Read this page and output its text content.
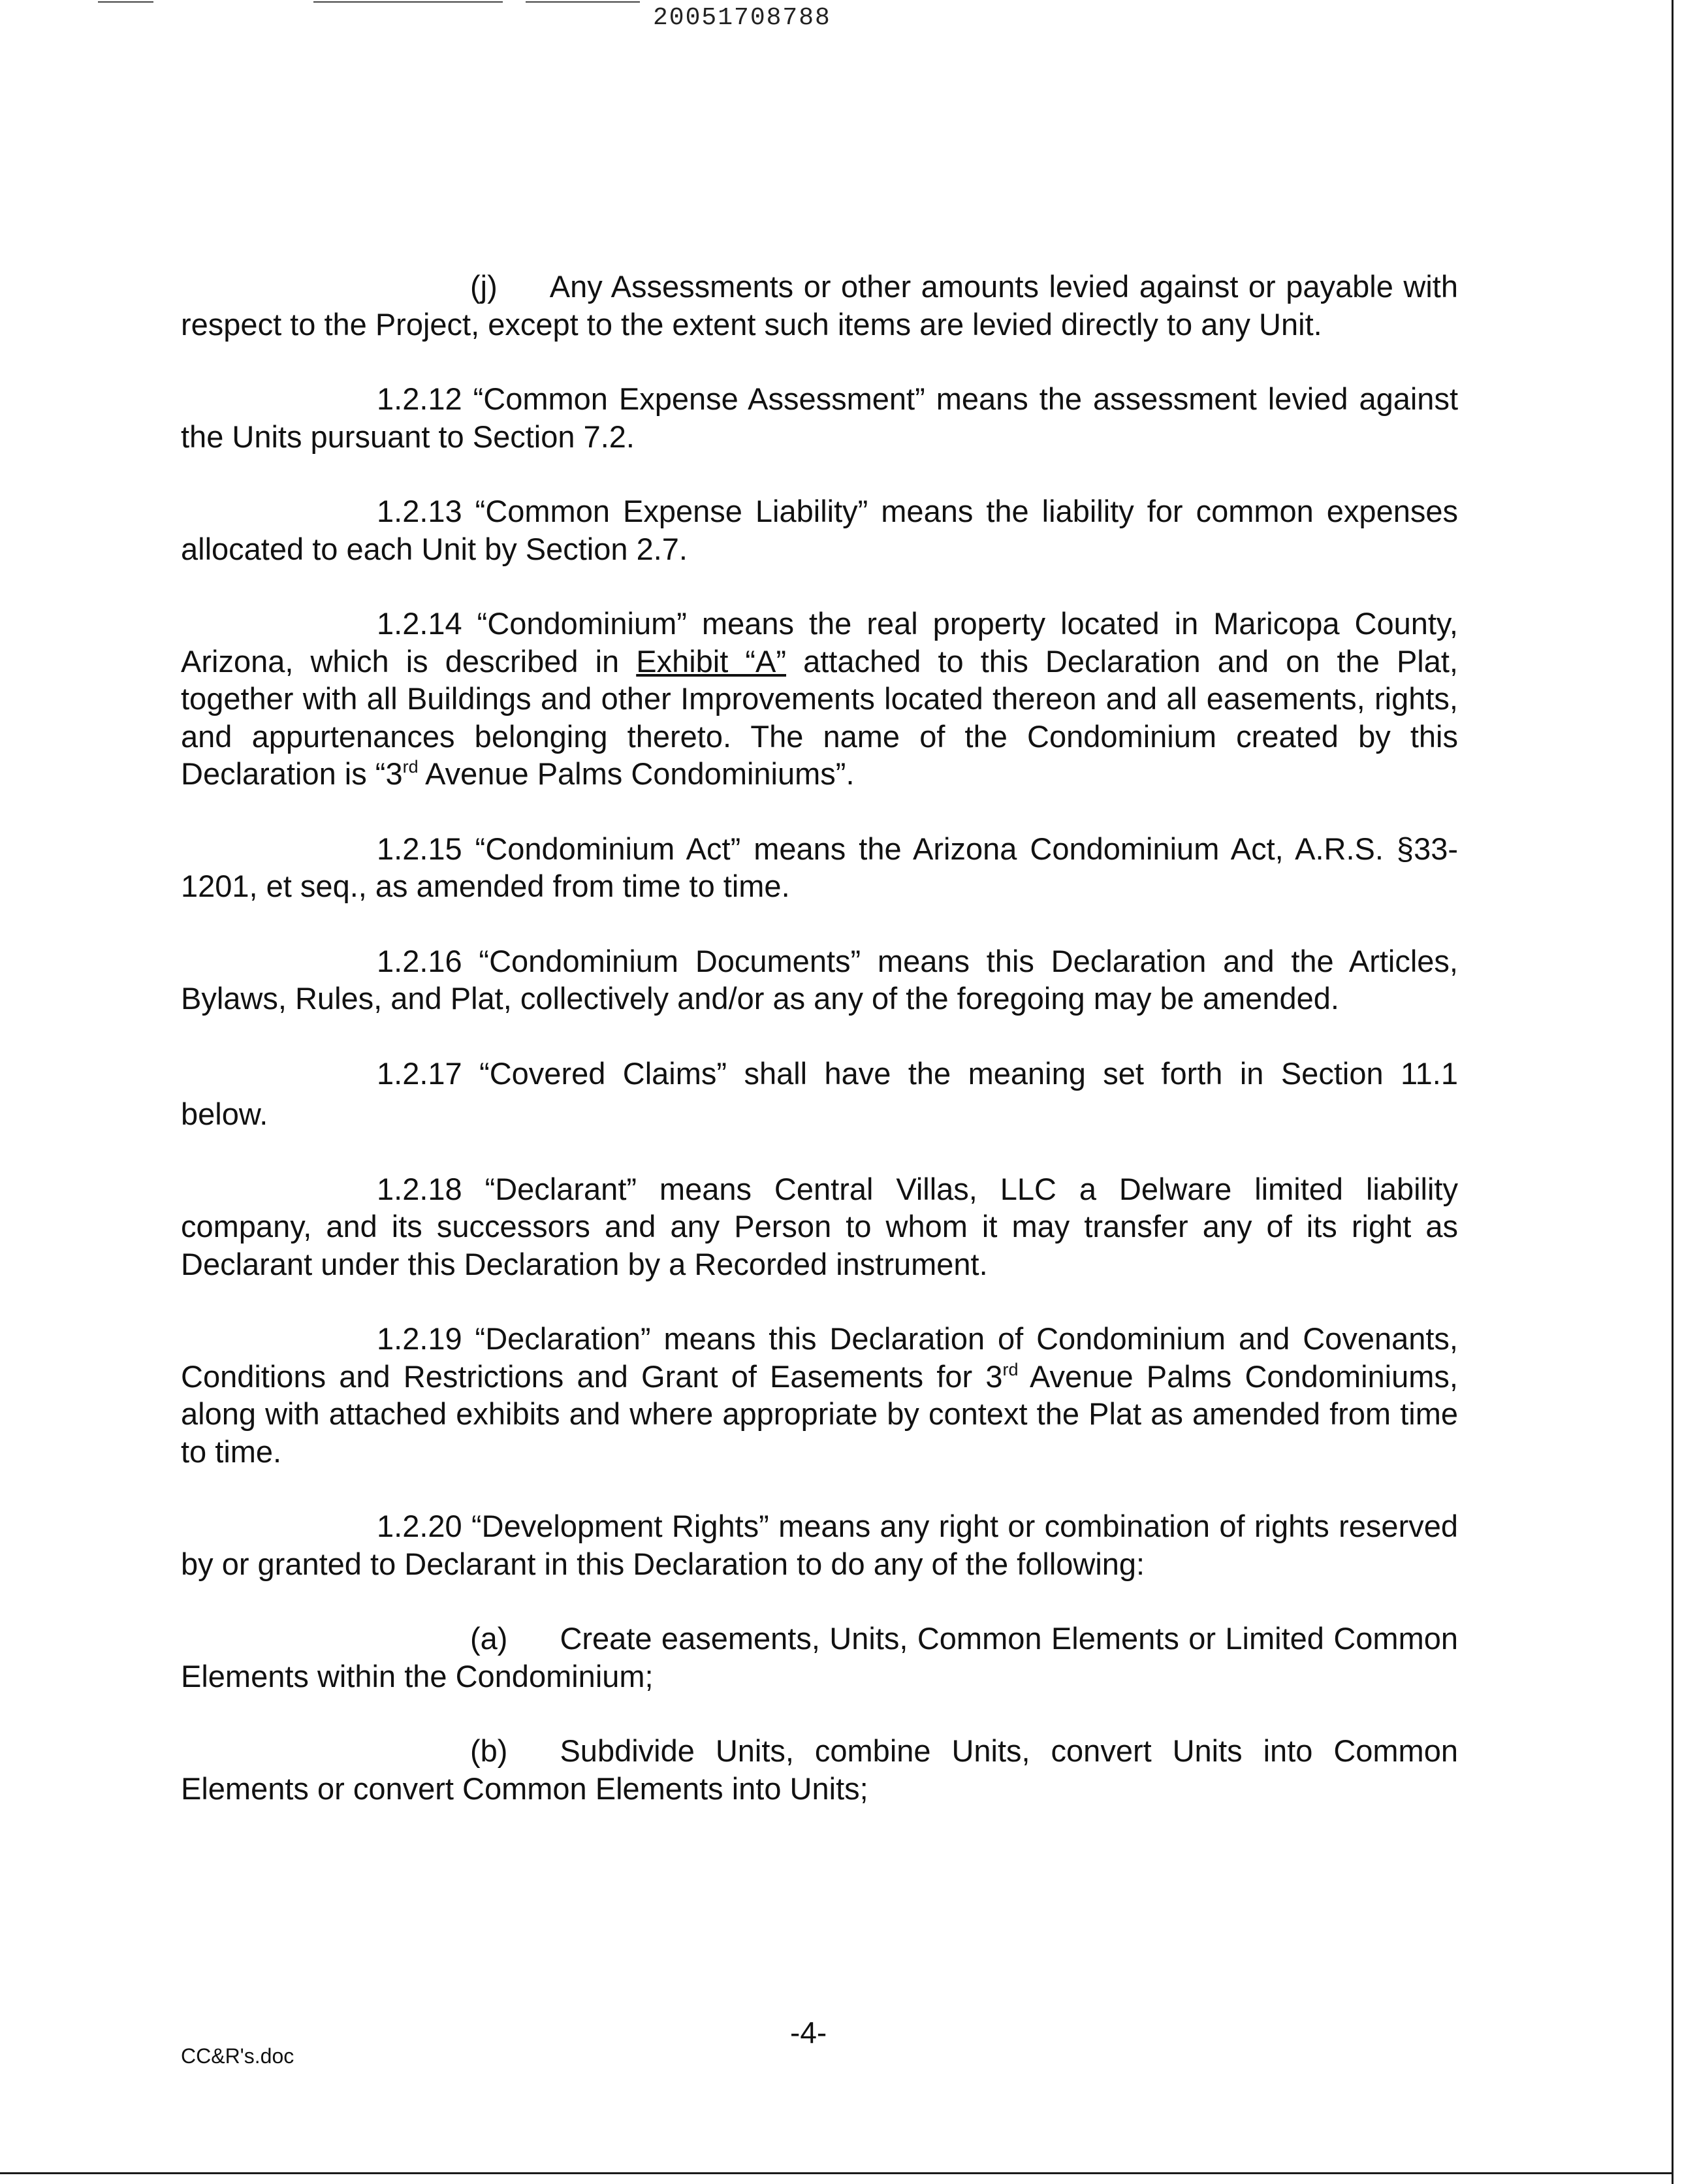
20051708788

(j) Any Assessments or other amounts levied against or payable with respect to the Project, except to the extent such items are levied directly to any Unit.

1.2.12 “Common Expense Assessment” means the assessment levied against the Units pursuant to Section 7.2.

1.2.13 “Common Expense Liability” means the liability for common expenses allocated to each Unit by Section 2.7.

1.2.14 “Condominium” means the real property located in Maricopa County, Arizona, which is described in Exhibit “A” attached to this Declaration and on the Plat, together with all Buildings and other Improvements located thereon and all easements, rights, and appurtenances belonging thereto. The name of the Condominium created by this Declaration is “3rd Avenue Palms Condominiums”.

1.2.15 “Condominium Act” means the Arizona Condominium Act, A.R.S. §33-1201, et seq., as amended from time to time.

1.2.16 “Condominium Documents” means this Declaration and the Articles, Bylaws, Rules, and Plat, collectively and/or as any of the foregoing may be amended.

1.2.17 “Covered Claims” shall have the meaning set forth in Section 11.1
below.

1.2.18 “Declarant” means Central Villas, LLC a Delware limited liability company, and its successors and any Person to whom it may transfer any of its right as Declarant under this Declaration by a Recorded instrument.

1.2.19 “Declaration” means this Declaration of Condominium and Covenants, Conditions and Restrictions and Grant of Easements for 3rd Avenue Palms Condominiums, along with attached exhibits and where appropriate by context the Plat as amended from time to time.

1.2.20 “Development Rights” means any right or combination of rights reserved by or granted to Declarant in this Declaration to do any of the following:

(a) Create easements, Units, Common Elements or Limited Common Elements within the Condominium;

(b) Subdivide Units, combine Units, convert Units into Common Elements or convert Common Elements into Units;

-4-
CC&R's.doc
